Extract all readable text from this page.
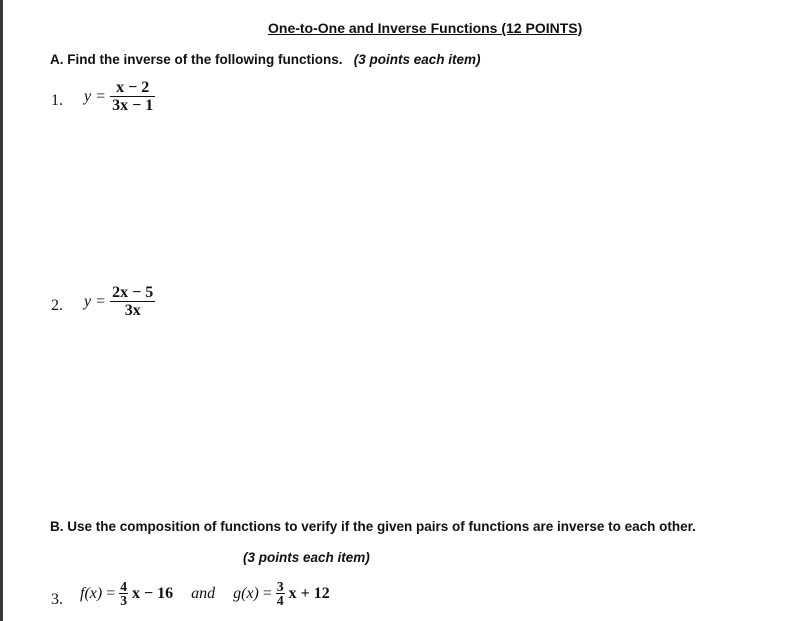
One-to-One and Inverse Functions (12 POINTS)
A. Find the inverse of the following functions. (3 points each item)
1. $y = \frac{x - 2}{3x - 1}$
2. $y = \frac{2x - 5}{3x}$
B. Use the composition of functions to verify if the given pairs of functions are inverse to each other.
(3 points each item)
3. $f(x) = \frac{4}{3}$ x − 16 and $g(x) = \frac{3}{4}$ x + 12
